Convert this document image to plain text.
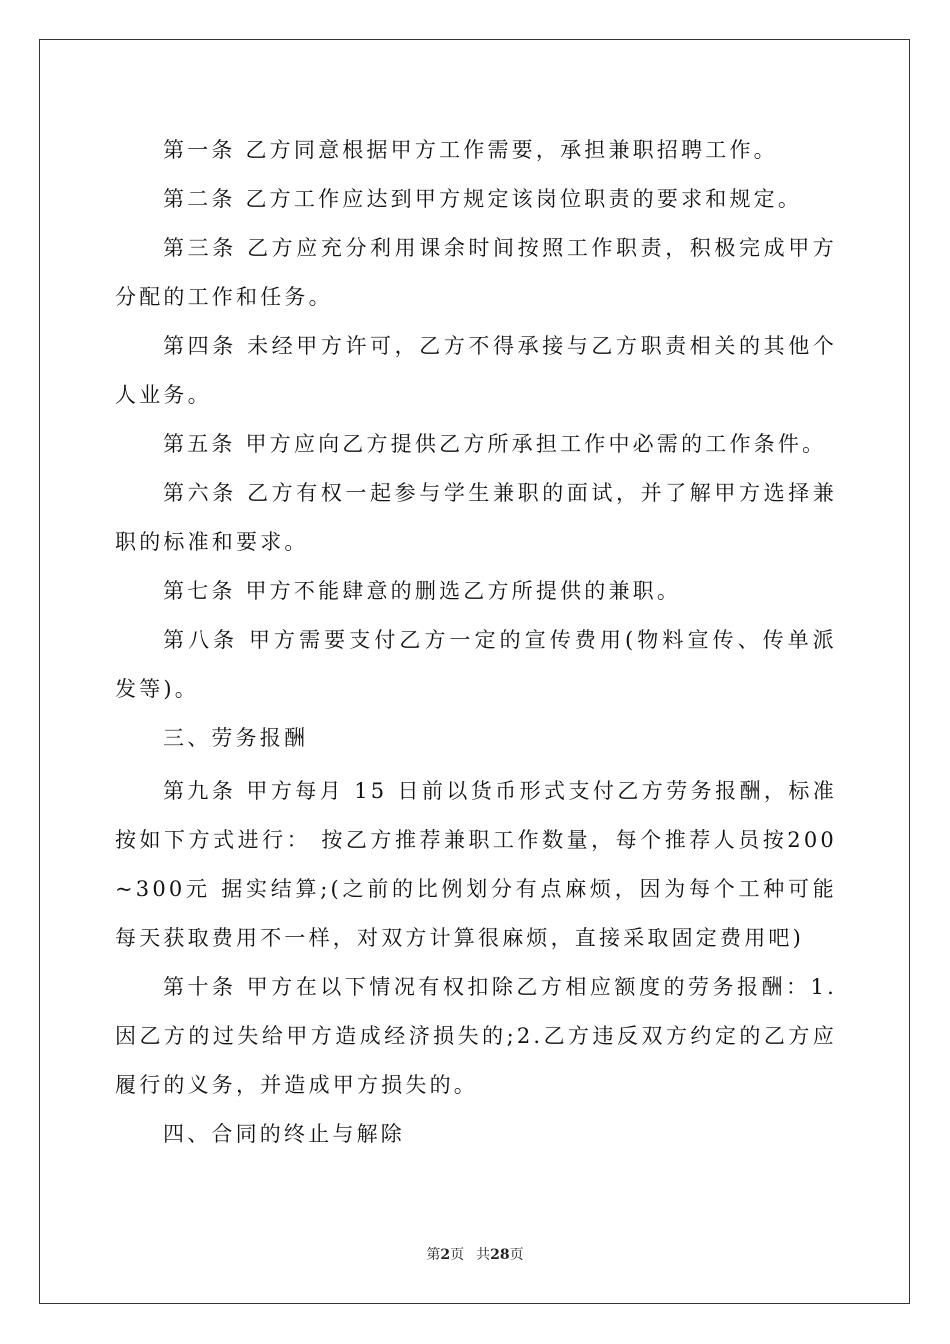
第一条 乙方同意根据甲方工作需要，承担兼职招聘工作。

第二条 乙方工作应达到甲方规定该岗位职责的要求和规定。

第三条 乙方应充分利用课余时间按照工作职责，积极完成甲方分配的工作和任务。

第四条 未经甲方许可，乙方不得承接与乙方职责相关的其他个人业务。

第五条 甲方应向乙方提供乙方所承担工作中必需的工作条件。

第六条 乙方有权一起参与学生兼职的面试，并了解甲方选择兼职的标准和要求。

第七条 甲方不能肆意的删选乙方所提供的兼职。

第八条 甲方需要支付乙方一定的宣传费用(物料宣传、传单派发等)。

三、劳务报酬

第九条 甲方每月 15 日前以货币形式支付乙方劳务报酬，标准按如下方式进行： 按乙方推荐兼职工作数量，每个推荐人员按200~300元 据实结算;(之前的比例划分有点麻烦，因为每个工种可能每天获取费用不一样，对双方计算很麻烦，直接采取固定费用吧)

第十条 甲方在以下情况有权扣除乙方相应额度的劳务报酬：1.因乙方的过失给甲方造成经济损失的;2.乙方违反双方约定的乙方应履行的义务，并造成甲方损失的。

四、合同的终止与解除

第2页 共28页
